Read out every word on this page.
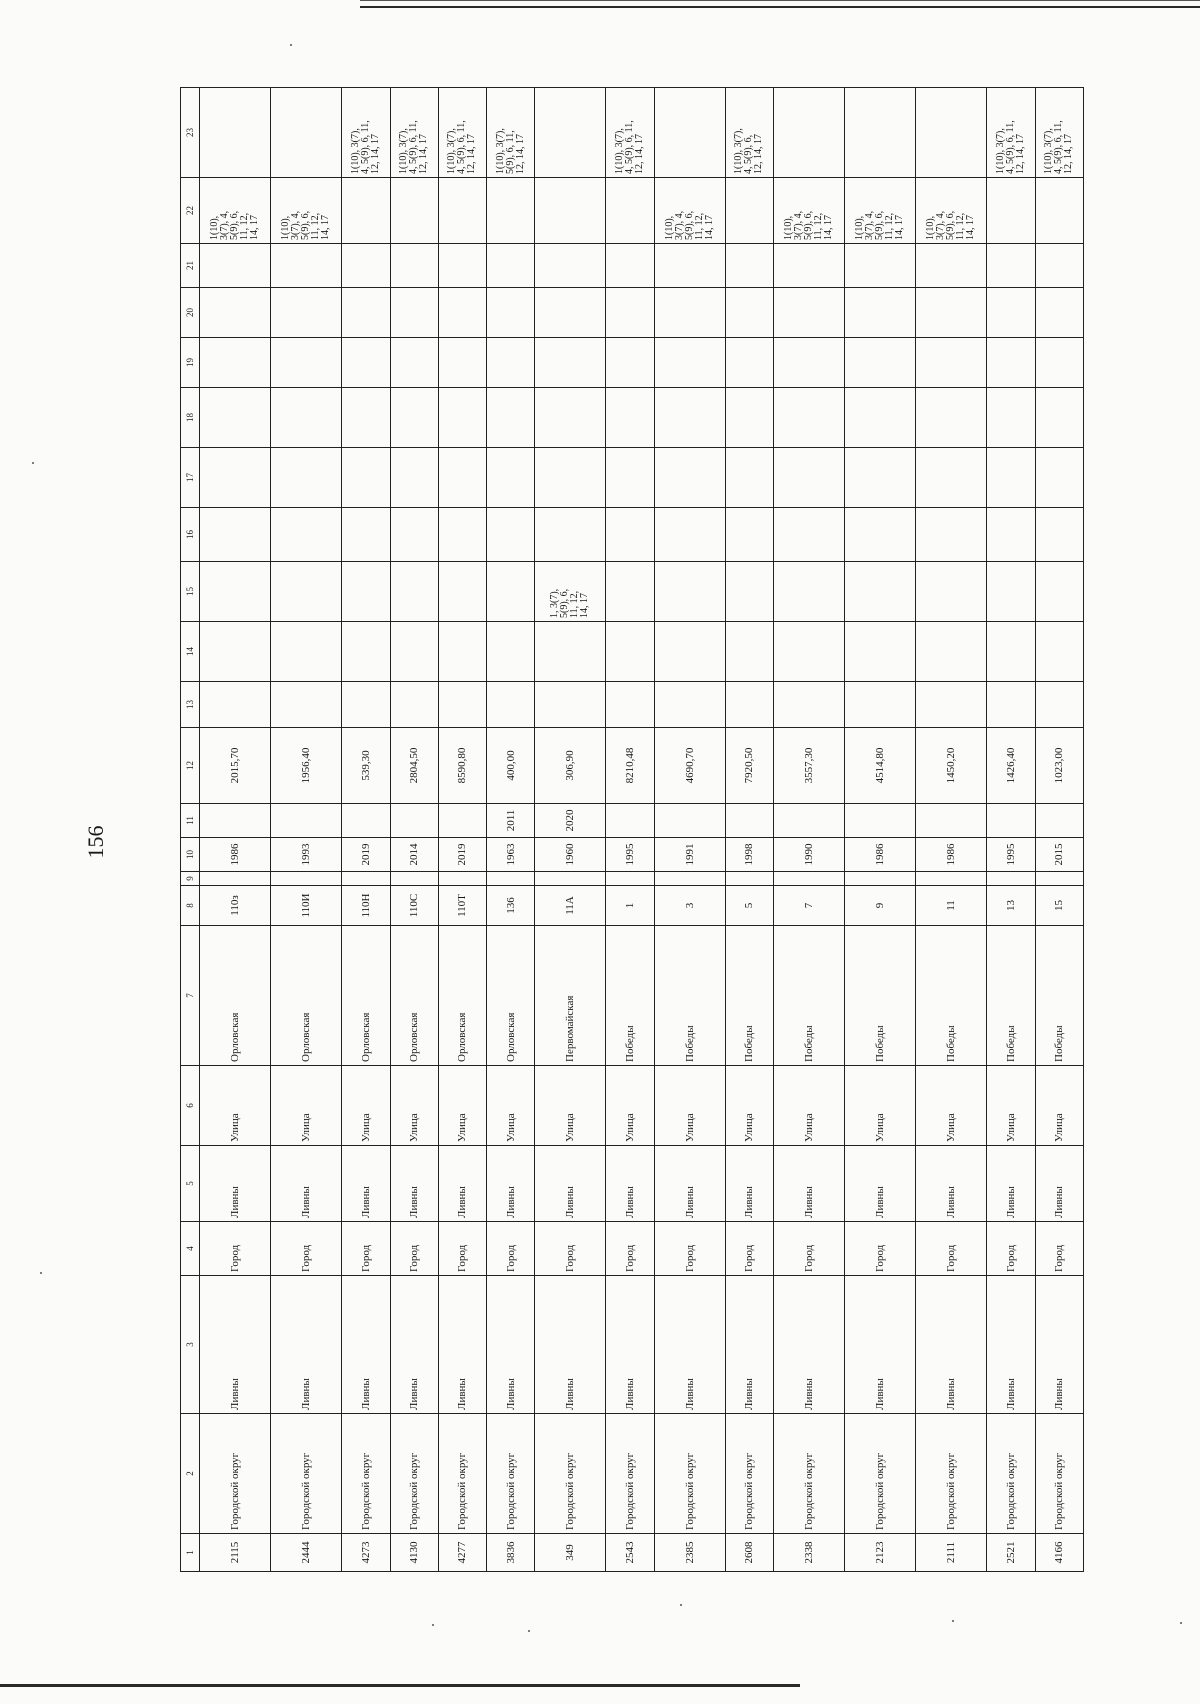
156
1	2	3	4	5	6	7	8	9	10	11	12	13	14	15	16	17	18	19	20	21	22	23
2115	Городской округ	Ливны	Город	Ливны	Улица	Орловская	110з		1986		2015,70										1(10),
3(7), 4,
5(9), 6,
11, 12,
14, 17	
2444	Городской округ	Ливны	Город	Ливны	Улица	Орловская	110И		1993		1956,40										1(10),
3(7), 4,
5(9), 6,
11, 12,
14, 17	
4273	Городской округ	Ливны	Город	Ливны	Улица	Орловская	110Н		2019		539,30											1(10), 3(7),
4, 5(9), 6, 11,
12, 14, 17
4130	Городской округ	Ливны	Город	Ливны	Улица	Орловская	110С		2014		2804,50											1(10), 3(7),
4, 5(9), 6, 11,
12, 14, 17
4277	Городской округ	Ливны	Город	Ливны	Улица	Орловская	110Т		2019		8590,80											1(10), 3(7),
4, 5(9), 6, 11,
12, 14, 17
3836	Городской округ	Ливны	Город	Ливны	Улица	Орловская	136		1963	2011	400,00											1(10), 3(7),
5(9), 6, 11,
12, 14, 17
349	Городской округ	Ливны	Город	Ливны	Улица	Первомайская	11А		1960	2020	306,90			1, 3(7),
5(9), 6,
11, 12,
14, 17								
2543	Городской округ	Ливны	Город	Ливны	Улица	Победы	1		1995		8210,48											1(10), 3(7),
4, 5(9), 6, 11,
12, 14, 17
2385	Городской округ	Ливны	Город	Ливны	Улица	Победы	3		1991		4690,70										1(10),
3(7), 4,
5(9), 6,
11, 12,
14, 17	
2608	Городской округ	Ливны	Город	Ливны	Улица	Победы	5		1998		7920,50											1(10), 3(7),
4, 5(9), 6,
12, 14, 17
2338	Городской округ	Ливны	Город	Ливны	Улица	Победы	7		1990		3557,30										1(10),
3(7), 4,
5(9), 6,
11, 12,
14, 17	
2123	Городской округ	Ливны	Город	Ливны	Улица	Победы	9		1986		4514,80										1(10),
3(7), 4,
5(9), 6,
11, 12,
14, 17	
2111	Городской округ	Ливны	Город	Ливны	Улица	Победы	11		1986		1450,20										1(10),
3(7), 4,
5(9), 6,
11, 12,
14, 17	
2521	Городской округ	Ливны	Город	Ливны	Улица	Победы	13		1995		1426,40											1(10), 3(7),
4, 5(9), 6, 11,
12, 14, 17
4166	Городской округ	Ливны	Город	Ливны	Улица	Победы	15		2015		1023,00											1(10), 3(7),
4, 5(9), 6, 11,
12, 14, 17
